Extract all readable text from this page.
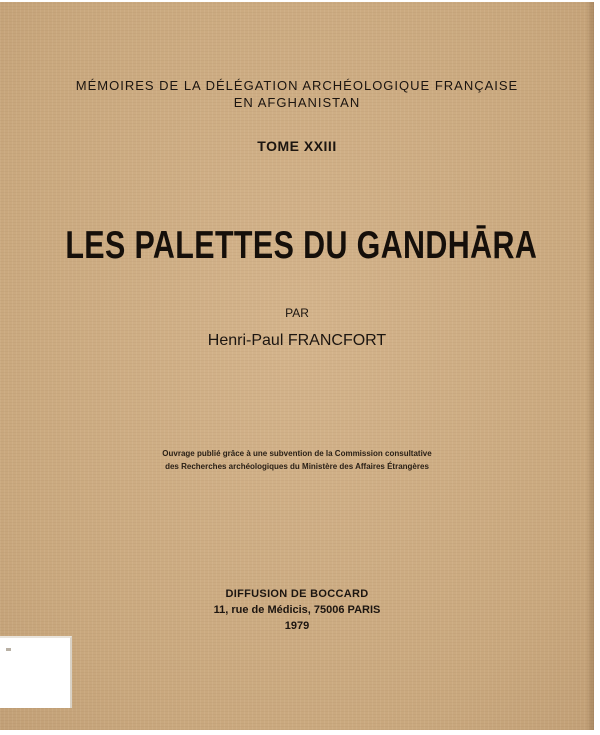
MÉMOIRES DE LA DÉLÉGATION ARCHÉOLOGIQUE FRANÇAISE

EN AFGHANISTAN

TOME XXIII

LES PALETTES DU GANDHĀRA

PAR

Henri-Paul FRANCFORT

Ouvrage publié grâce à une subvention de la Commission consultative

des Recherches archéologiques du Ministère des Affaires Étrangères

DIFFUSION DE BOCCARD

11, rue de Médicis, 75006 PARIS

1979
